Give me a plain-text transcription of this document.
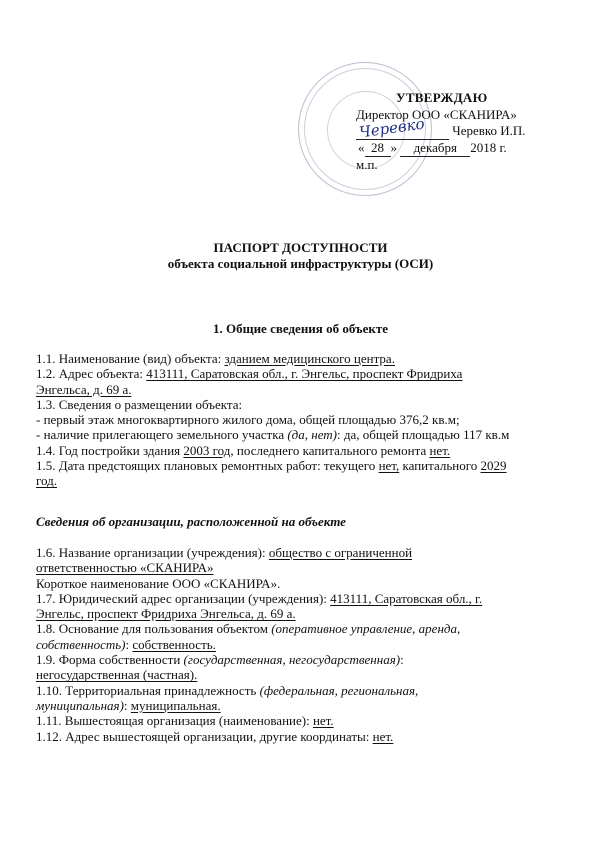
УТВЕРЖДАЮ
Директор ООО «СКАНИРА»
Черевко Черевко И.П.
« 28 » декабря 2018 г.
м.п.
ПАСПОРТ ДОСТУПНОСТИ
объекта социальной инфраструктуры (ОСИ)
1. Общие сведения об объекте
1.1. Наименование (вид) объекта: зданием медицинского центра.
1.2. Адрес объекта: 413111, Саратовская обл., г. Энгельс, проспект Фридриха
Энгельса, д. 69 а.
1.3. Сведения о размещении объекта:
- первый этаж многоквартирного жилого дома, общей площадью 376,2 кв.м;
- наличие прилегающего земельного участка (да, нет): да, общей площадью 117 кв.м
1.4. Год постройки здания 2003 год, последнего капитального ремонта нет.
1.5. Дата предстоящих плановых ремонтных работ: текущего нет, капитального 2029
год.
Сведения об организации, расположенной на объекте
1.6. Название организации (учреждения): общество с ограниченной
ответственностью «СКАНИРА»
Короткое наименование ООО «СКАНИРА».
1.7. Юридический адрес организации (учреждения): 413111, Саратовская обл., г.
Энгельс, проспект Фридриха Энгельса, д. 69 а.
1.8. Основание для пользования объектом (оперативное управление, аренда,
собственность): собственность.
1.9. Форма собственности (государственная, негосударственная):
негосударственная (частная).
1.10. Территориальная принадлежность (федеральная, региональная,
муниципальная): муниципальная.
1.11. Вышестоящая организация (наименование): нет.
1.12. Адрес вышестоящей организации, другие координаты: нет.
